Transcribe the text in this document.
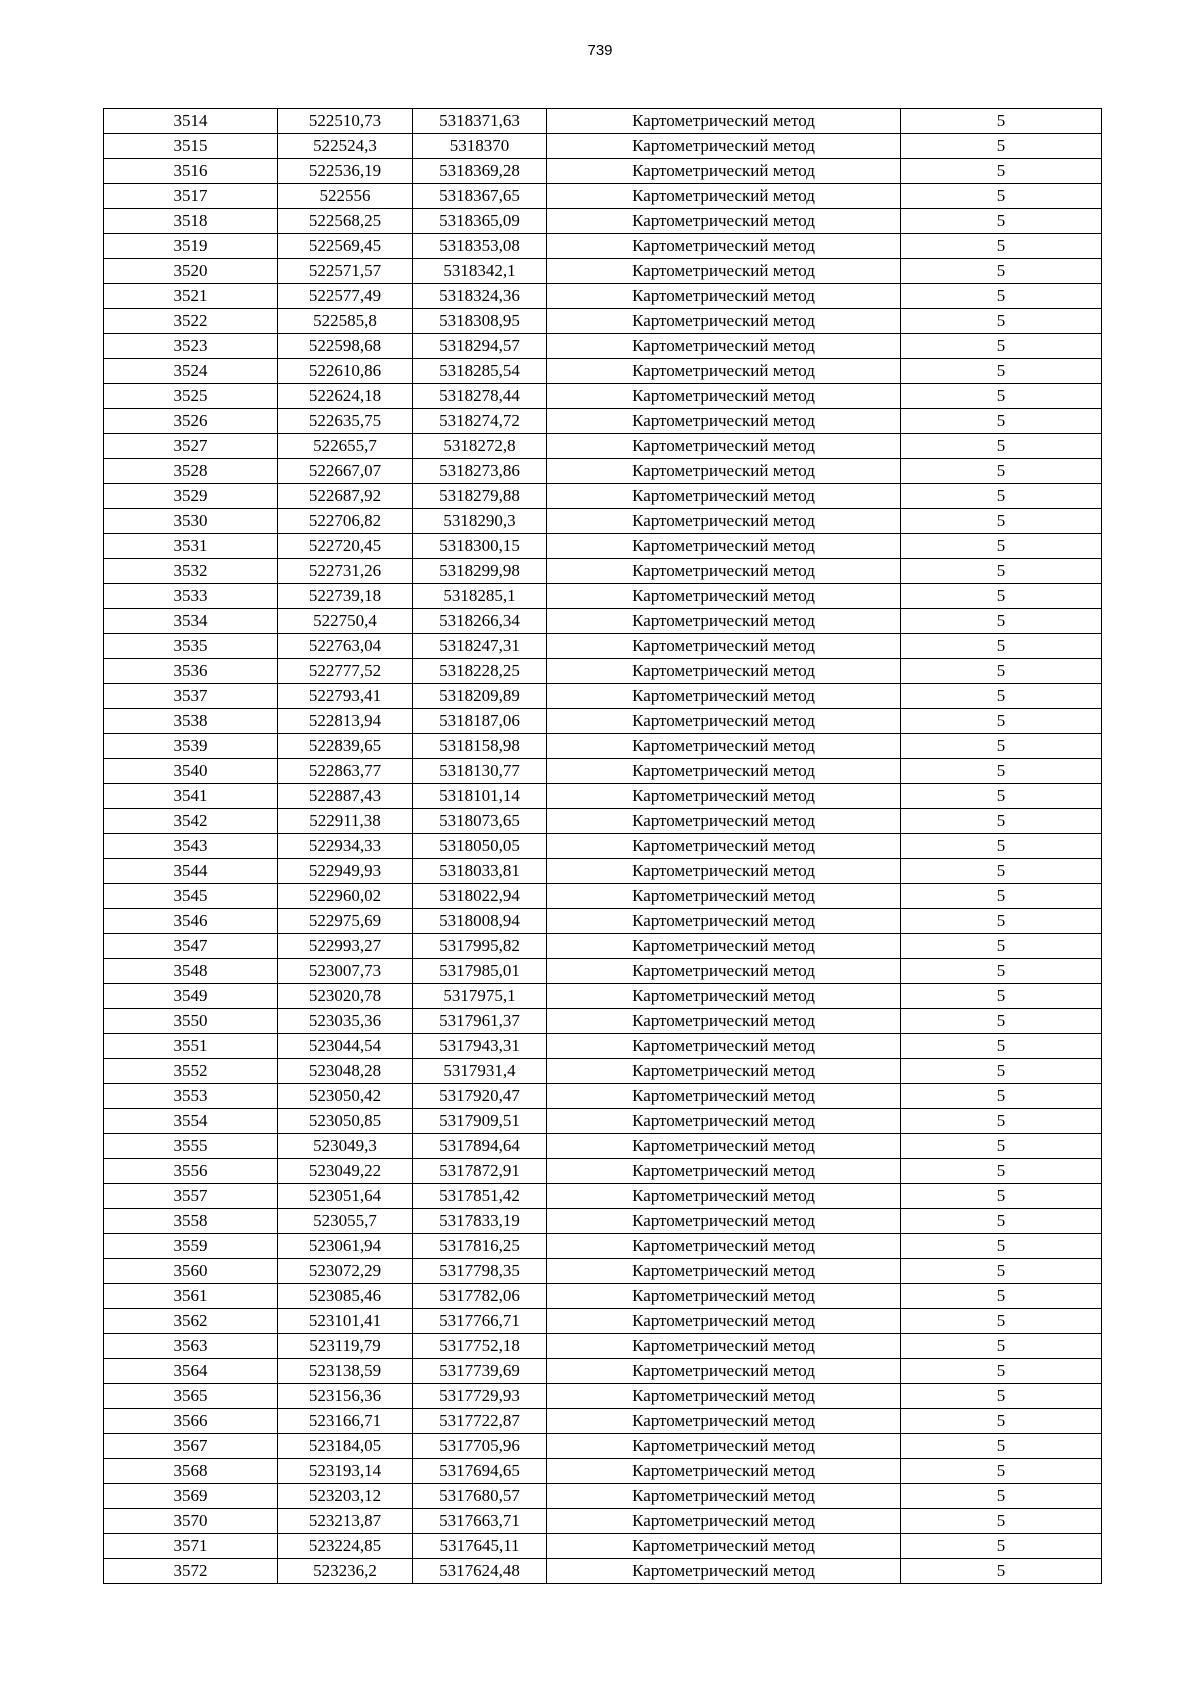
739
3514	522510,73	5318371,63	Картометрический метод	5
3515	522524,3	5318370	Картометрический метод	5
3516	522536,19	5318369,28	Картометрический метод	5
3517	522556	5318367,65	Картометрический метод	5
3518	522568,25	5318365,09	Картометрический метод	5
3519	522569,45	5318353,08	Картометрический метод	5
3520	522571,57	5318342,1	Картометрический метод	5
3521	522577,49	5318324,36	Картометрический метод	5
3522	522585,8	5318308,95	Картометрический метод	5
3523	522598,68	5318294,57	Картометрический метод	5
3524	522610,86	5318285,54	Картометрический метод	5
3525	522624,18	5318278,44	Картометрический метод	5
3526	522635,75	5318274,72	Картометрический метод	5
3527	522655,7	5318272,8	Картометрический метод	5
3528	522667,07	5318273,86	Картометрический метод	5
3529	522687,92	5318279,88	Картометрический метод	5
3530	522706,82	5318290,3	Картометрический метод	5
3531	522720,45	5318300,15	Картометрический метод	5
3532	522731,26	5318299,98	Картометрический метод	5
3533	522739,18	5318285,1	Картометрический метод	5
3534	522750,4	5318266,34	Картометрический метод	5
3535	522763,04	5318247,31	Картометрический метод	5
3536	522777,52	5318228,25	Картометрический метод	5
3537	522793,41	5318209,89	Картометрический метод	5
3538	522813,94	5318187,06	Картометрический метод	5
3539	522839,65	5318158,98	Картометрический метод	5
3540	522863,77	5318130,77	Картометрический метод	5
3541	522887,43	5318101,14	Картометрический метод	5
3542	522911,38	5318073,65	Картометрический метод	5
3543	522934,33	5318050,05	Картометрический метод	5
3544	522949,93	5318033,81	Картометрический метод	5
3545	522960,02	5318022,94	Картометрический метод	5
3546	522975,69	5318008,94	Картометрический метод	5
3547	522993,27	5317995,82	Картометрический метод	5
3548	523007,73	5317985,01	Картометрический метод	5
3549	523020,78	5317975,1	Картометрический метод	5
3550	523035,36	5317961,37	Картометрический метод	5
3551	523044,54	5317943,31	Картометрический метод	5
3552	523048,28	5317931,4	Картометрический метод	5
3553	523050,42	5317920,47	Картометрический метод	5
3554	523050,85	5317909,51	Картометрический метод	5
3555	523049,3	5317894,64	Картометрический метод	5
3556	523049,22	5317872,91	Картометрический метод	5
3557	523051,64	5317851,42	Картометрический метод	5
3558	523055,7	5317833,19	Картометрический метод	5
3559	523061,94	5317816,25	Картометрический метод	5
3560	523072,29	5317798,35	Картометрический метод	5
3561	523085,46	5317782,06	Картометрический метод	5
3562	523101,41	5317766,71	Картометрический метод	5
3563	523119,79	5317752,18	Картометрический метод	5
3564	523138,59	5317739,69	Картометрический метод	5
3565	523156,36	5317729,93	Картометрический метод	5
3566	523166,71	5317722,87	Картометрический метод	5
3567	523184,05	5317705,96	Картометрический метод	5
3568	523193,14	5317694,65	Картометрический метод	5
3569	523203,12	5317680,57	Картометрический метод	5
3570	523213,87	5317663,71	Картометрический метод	5
3571	523224,85	5317645,11	Картометрический метод	5
3572	523236,2	5317624,48	Картометрический метод	5
